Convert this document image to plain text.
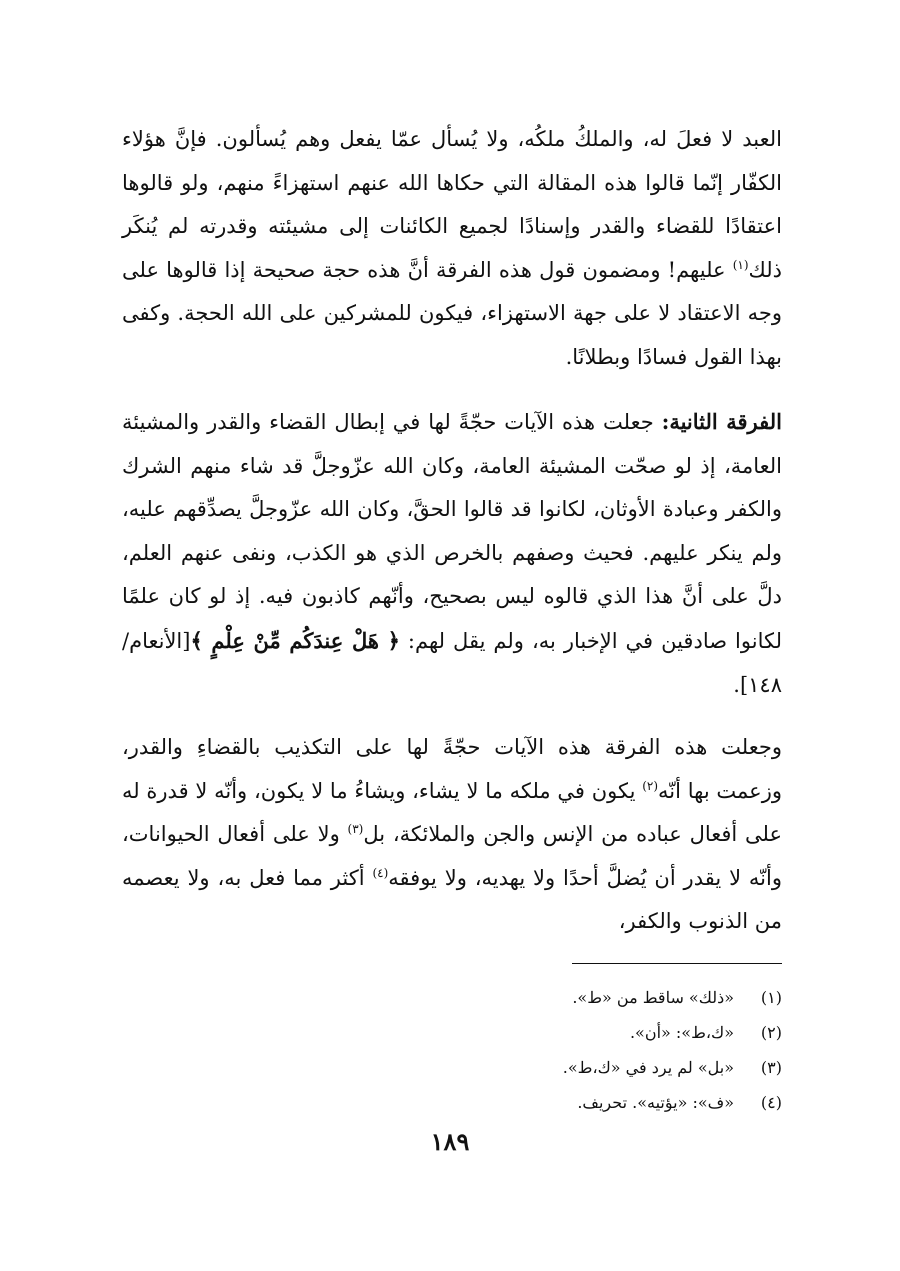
العبد لا فعلَ له، والملكُ ملكُه، ولا يُسأل عمّا يفعل وهم يُسألون. فإنَّ هؤلاء الكفّار إنّما قالوا هذه المقالة التي حكاها الله عنهم استهزاءً منهم، ولو قالوها اعتقادًا للقضاء والقدر وإسنادًا لجميع الكائنات إلى مشيئته وقدرته لم يُنكَر ذلك$^{(١)}$ عليهم! ومضمون قول هذه الفرقة أنَّ هذه حجة صحيحة إذا قالوها على وجه الاعتقاد لا على جهة الاستهزاء، فيكون للمشركين على الله الحجة. وكفى بهذا القول فسادًا وبطلانًا.

الفرقة الثانية: جعلت هذه الآيات حجّةً لها في إبطال القضاء والقدر والمشيئة العامة، إذ لو صحّت المشيئة العامة، وكان الله عزّوجلَّ قد شاء منهم الشرك والكفر وعبادة الأوثان، لكانوا قد قالوا الحقَّ، وكان الله عزّوجلَّ يصدِّقهم عليه، ولم ينكر عليهم. فحيث وصفهم بالخرص الذي هو الكذب، ونفى عنهم العلم، دلَّ على أنَّ هذا الذي قالوه ليس بصحيح، وأنّهم كاذبون فيه. إذ لو كان علمًا لكانوا صادقين في الإخبار به، ولم يقل لهم: ﴿ هَلْ عِندَكُم مِّنْ عِلْمٍ ﴾[الأنعام/ ١٤٨].

وجعلت هذه الفرقة هذه الآيات حجّةً لها على التكذيب بالقضاءِ والقدر، وزعمت بها أنّه$^{(٢)}$ يكون في ملكه ما لا يشاء، ويشاءُ ما لا يكون، وأنّه لا قدرة له على أفعال عباده من الإنس والجن والملائكة، بل$^{(٣)}$ ولا على أفعال الحيوانات، وأنّه لا يقدر أن يُضلَّ أحدًا ولا يهديه، ولا يوفقه$^{(٤)}$ أكثر مما فعل به، ولا يعصمه من الذنوب والكفر،

(١)
«ذلك» ساقط من «ط».
(٢)
«ك،ط»: «أن».
(٣)
«بل» لم يرد في «ك،ط».
(٤)
«ف»: «يؤتيه». تحريف.
١٨٩
